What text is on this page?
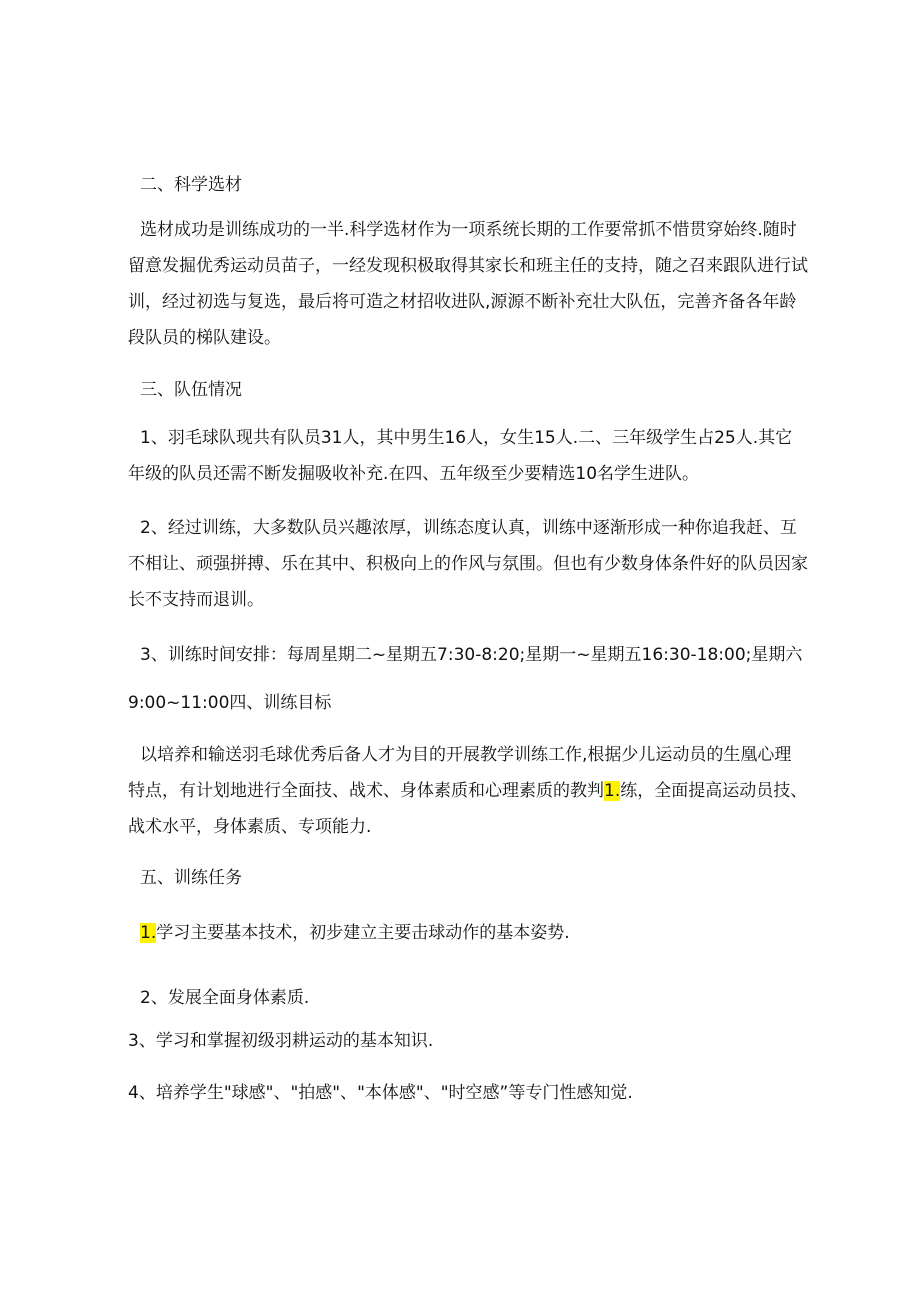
二、科学选材

选材成功是训练成功的一半.科学选材作为一项系统长期的工作要常抓不惜贯穿始终.随时留意发掘优秀运动员苗子，一经发现积极取得其家长和班主任的支持，随之召来跟队进行试训，经过初选与复选，最后将可造之材招收进队,源源不断补充壮大队伍，完善齐备各年龄段队员的梯队建设。

三、队伍情况

1、羽毛球队现共有队员31人，其中男生16人，女生15人.二、三年级学生占25人.其它年级的队员还需不断发掘吸收补充.在四、五年级至少要精选10名学生进队。

2、经过训练，大多数队员兴趣浓厚，训练态度认真，训练中逐渐形成一种你追我赶、互不相让、顽强拼搏、乐在其中、积极向上的作风与氛围。但也有少数身体条件好的队员因家长不支持而退训。

3、训练时间安排：每周星期二~星期五7:30-8:20;星期一~星期五16:30-18:00;星期六

9:00~11:00四、训练目标

以培养和输送羽毛球优秀后备人才为目的开展教学训练工作,根据少儿运动员的生凰心理特点，有计划地进行全面技、战术、身体素质和心理素质的教判1.练，全面提高运动员技、战术水平，身体素质、专项能力.

五、训练任务

1.学习主要基本技术，初步建立主要击球动作的基本姿势.

2、发展全面身体素质.

3、学习和掌握初级羽耕运动的基本知识.

4、培养学生"球感"、"拍感"、"本体感"、"时空感”等专门性感知觉.
